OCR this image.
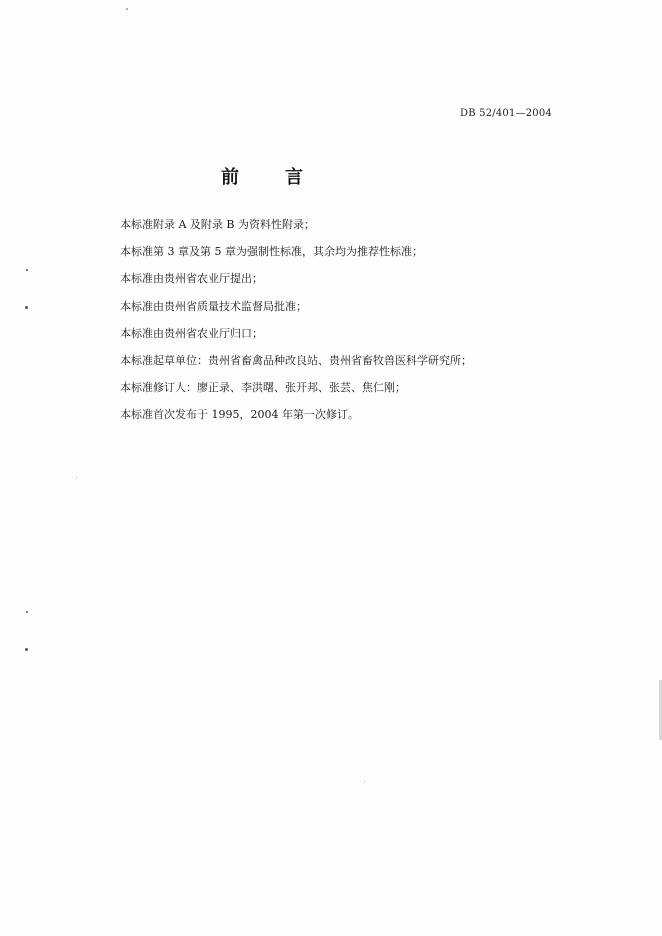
DB 52/401—2004
前言

本标准附录 A 及附录 B 为资料性附录；

本标准第 3 章及第 5 章为强制性标准，其余均为推荐性标准；

本标准由贵州省农业厅提出；

本标准由贵州省质量技术监督局批准；

本标准由贵州省农业厅归口；

本标准起草单位：贵州省畜禽品种改良站、贵州省畜牧兽医科学研究所；

本标准修订人：廖正录、李洪曙、张开邦、张芸、焦仁刚；

本标准首次发布于 1995，2004 年第一次修订。
